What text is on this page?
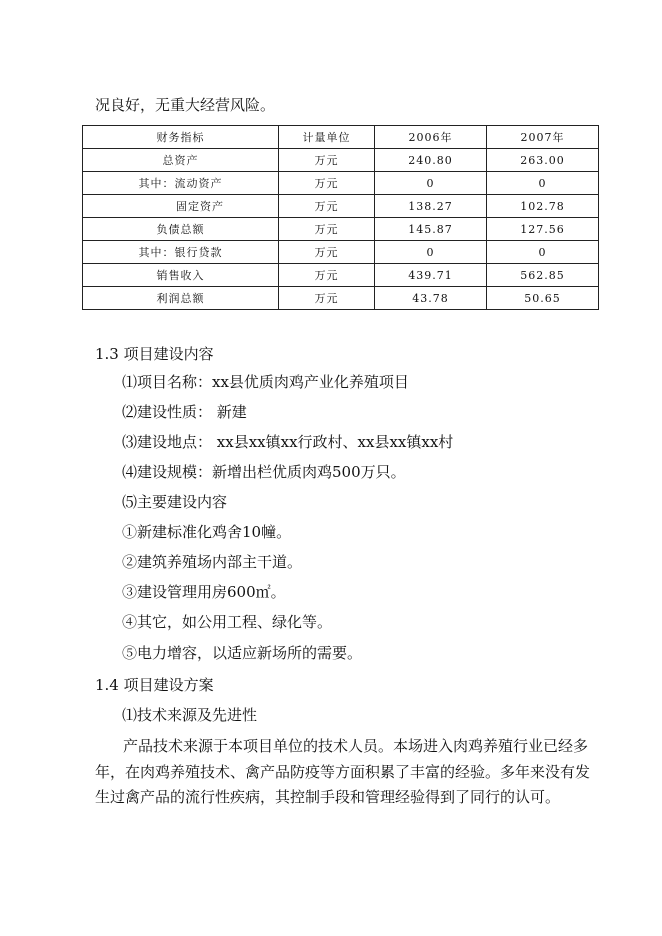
况良好，无重大经营风险。
财务指标	计量单位	2006年	2007年
总资产	万元	240.80	263.00
其中：流动资产	万元	0	0
固定资产	万元	138.27	102.78
负债总额	万元	145.87	127.56
其中：银行贷款	万元	0	0
销售收入	万元	439.71	562.85
利润总额	万元	43.78	50.65
1.3 项目建设内容
⑴项目名称：xx县优质肉鸡产业化养殖项目
⑵建设性质： 新建
⑶建设地点： xx县xx镇xx行政村、xx县xx镇xx村
⑷建设规模：新增出栏优质肉鸡500万只。
⑸主要建设内容
①新建标准化鸡舍10幢。
②建筑养殖场内部主干道。
③建设管理用房600㎡。
④其它，如公用工程、绿化等。
⑤电力增容，以适应新场所的需要。
1.4 项目建设方案
⑴技术来源及先进性
产品技术来源于本项目单位的技术人员。本场进入肉鸡养殖行业已经多年，在肉鸡养殖技术、禽产品防疫等方面积累了丰富的经验。多年来没有发生过禽产品的流行性疾病，其控制手段和管理经验得到了同行的认可。
